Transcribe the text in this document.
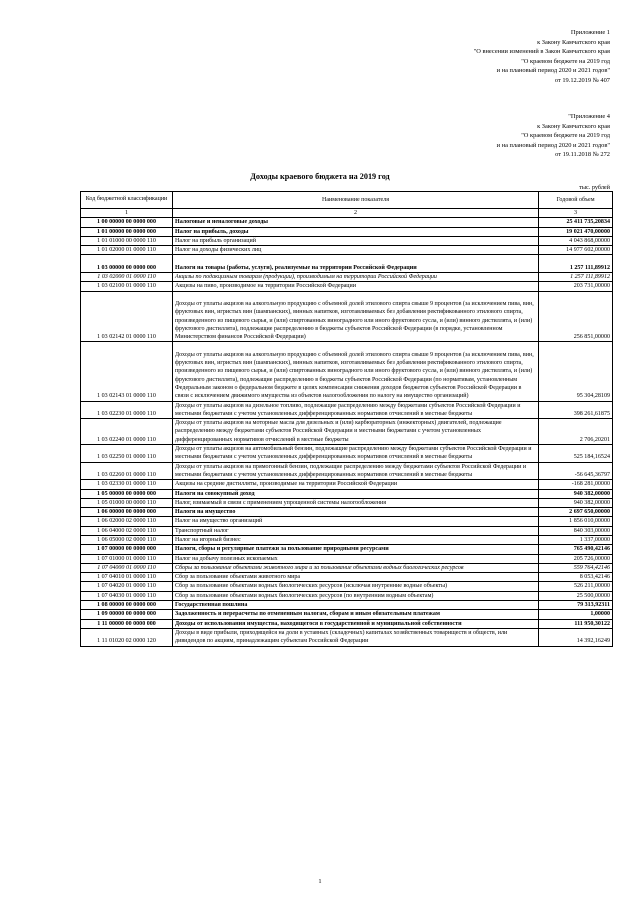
Приложение 1
к Закону Камчатского края
"О внесении изменений в Закон Камчатского края
"О краевом бюджете на 2019 год
и на плановый период 2020 и 2021 годов"
от 19.12.2019 № 407
"Приложение 4
к Закону Камчатского края
"О краевом бюджете на 2019 год
и на плановый период 2020 и 2021 годов"
от 19.11.2018 № 272
Доходы краевого бюджета на 2019 год
тыс. рублей
Код бюджетной классификации	Наименование показателя	Годовой объем
1	2	3
1 00 00000 00 0000 000	Налоговые и неналоговые доходы	25 411 735,20834
1 01 00000 00 0000 000	Налог на прибыль, доходы	19 021 470,00000
1 01 01000 00 0000 110	Налог на прибыль организаций	4 043 868,00000
1 01 02000 01 0000 110	Налог на доходы физических лиц	14 977 602,00000
1 03 00000 00 0000 000	Налоги на товары (работы, услуги), реализуемые на территории Российской Федерации	1 257 111,89912
1 03 02000 01 0000 110	Акцизы по подакцизным товарам (продукции), производимым на территории Российской Федерации	1 257 111,89912
1 03 02100 01 0000 110	Акцизы на пиво, производимое на территории Российской Федерации	203 731,00000
1 03 02142 01 0000 110	Доходы от уплаты акцизов на алкогольную продукцию с объемной долей этилового спирта свыше 9 процентов (за исключением пива, вин, фруктовых вин, игристых вин (шампанских), винных напитков, изготавливаемых без добавления ректификованного этилового спирта, произведенного из пищевого сырья, и (или) спиртованных виноградного или иного фруктового сусла, и (или) винного дистиллята, и (или) фруктового дистиллята), подлежащие распределению в бюджеты субъектов Российской Федерации (в порядке, установленном Министерством финансов Российской Федерации)	256 851,00000
1 03 02143 01 0000 110	Доходы от уплаты акцизов на алкогольную продукцию с объемной долей этилового спирта свыше 9 процентов (за исключением пива, вин, фруктовых вин, игристых вин (шампанских), винных напитков, изготавливаемых без добавления ректификованного этилового спирта, произведенного из пищевого сырья, и (или) спиртованных виноградного или иного фруктового сусла, и (или) винного дистиллята, и (или) фруктового дистиллята), подлежащие распределению в бюджеты субъектов Российской Федерации (по нормативам, установленным Федеральным законом о федеральном бюджете в целях компенсации снижения доходов бюджетов субъектов Российской Федерации в связи с исключением движимого имущества из объектов налогообложения по налогу на имущество организаций)	95 304,28109
1 03 02230 01 0000 110	Доходы от уплаты акцизов на дизельное топливо, подлежащие распределению между бюджетами субъектов Российской Федерации и местными бюджетами с учетом установленных дифференцированных нормативов отчислений в местные бюджеты	398 261,61875
1 03 02240 01 0000 110	Доходы от уплаты акцизов на моторные масла для дизельных и (или) карбюраторных (инжекторных) двигателей, подлежащие распределению между бюджетами субъектов Российской Федерации и местными бюджетами с учетом установленных дифференцированных нормативов отчислений в местные бюджеты	2 706,20201
1 03 02250 01 0000 110	Доходы от уплаты акцизов на автомобильный бензин, подлежащие распределению между бюджетами субъектов Российской Федерации и местными бюджетами с учетом установленных дифференцированных нормативов отчислений в местные бюджеты	525 184,16524
1 03 02260 01 0000 110	Доходы от уплаты акцизов на прямогонный бензин, подлежащие распределению между бюджетами субъектов Российской Федерации и местными бюджетами с учетом установленных дифференцированных нормативов отчислений в местные бюджеты	-56 645,36797
1 03 02330 01 0000 110	Акцизы на средние дистилляты, производимые на территории Российской Федерации	-168 281,00000
1 05 00000 00 0000 000	Налоги на совокупный доход	940 382,00000
1 05 01000 00 0000 110	Налог, взимаемый в связи с применением упрощенной системы налогообложения	940 382,00000
1 06 00000 00 0000 000	Налоги на имущество	2 697 650,00000
1 06 02000 02 0000 110	Налог на имущество организаций	1 856 010,00000
1 06 04000 02 0000 110	Транспортный налог	840 303,00000
1 06 05000 02 0000 110	Налог на игорный бизнес	1 337,00000
1 07 00000 00 0000 000	Налоги, сборы и регулярные платежи за пользование природными ресурсами	765 490,42146
1 07 01000 01 0000 110	Налог на добычу полезных ископаемых	205 726,00000
1 07 04000 01 0000 110	Сборы за пользование объектами животного мира и за пользование объектами водных биологических ресурсов	559 764,42146
1 07 04010 01 0000 110	Сбор за пользование объектами животного мира	8 053,42146
1 07 04020 01 0000 110	Сбор за пользование объектами водных биологических ресурсов (исключая внутренние водные объекты)	526 211,00000
1 07 04030 01 0000 110	Сбор за пользование объектами водных биологических ресурсов (по внутренним водным объектам)	25 500,00000
1 08 00000 00 0000 000	Государственная пошлина	79 313,92311
1 09 00000 00 0000 000	Задолженность и перерасчеты по отмененным налогам, сборам и иным обязательным платежам	1,00000
1 11 00000 00 0000 000	Доходы от использования имущества, находящегося в государственной и муниципальной собственности	111 950,30122
1 11 01020 02 0000 120	Доходы в виде прибыли, приходящейся на доли в уставных (складочных) капиталах хозяйственных товариществ и обществ, или дивидендов по акциям, принадлежащим субъектам Российской Федерации	14 392,16249
1
